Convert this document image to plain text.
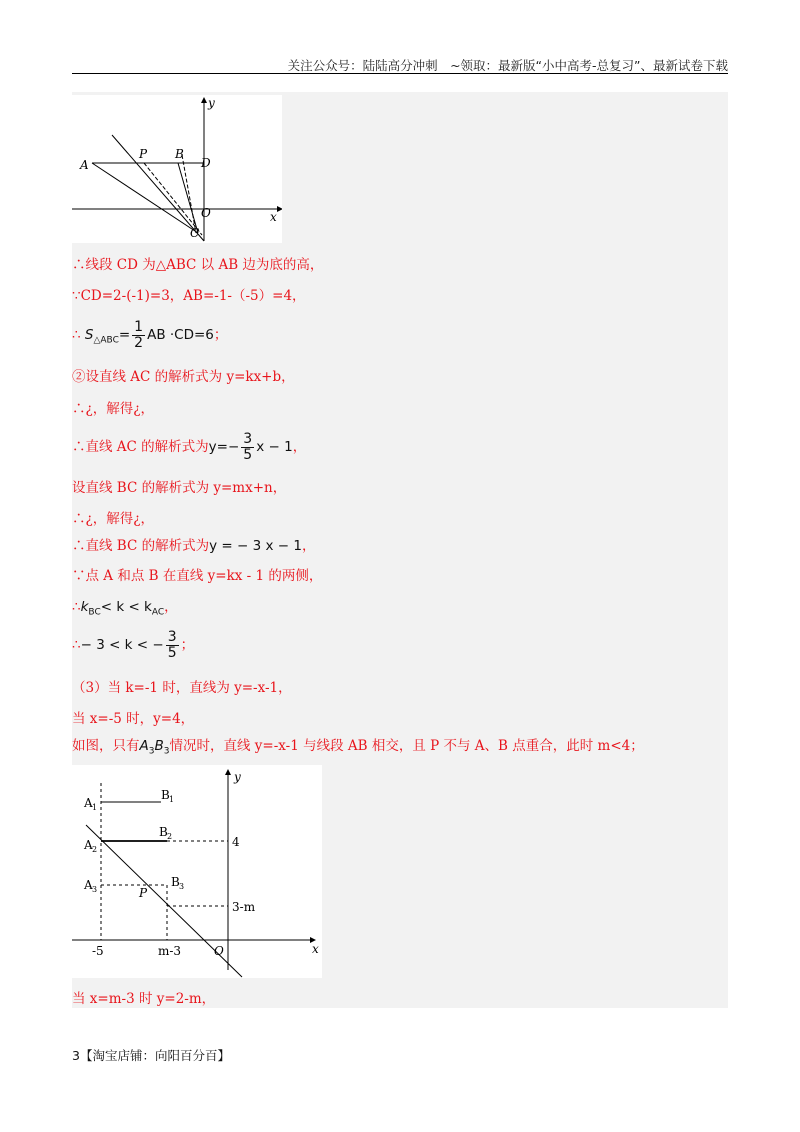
关注公众号：陆陆高分冲刺　~领取：最新版“小中高考-总复习”、最新试卷下载
y
x
A
P B
D
O
C
∴线段 CD 为△ABC 以 AB 边为底的高，
∵CD=2-(-1)=3，AB=-1-（-5）=4，
∴ $S_{\triangle ABC}= \frac{1}{2}$ AB ·CD=6；
②设直线 AC 的解析式为 y=kx+b，
∴¿，解得¿，
∴直线 AC 的解析式为$y=- \frac{3}{5}$ x − 1，
设直线 BC 的解析式为 y=mx+n，
∴¿，解得¿，
∴直线 BC 的解析式为y = − 3 x − 1，
∵点 A 和点 B 在直线 y=kx - 1 的两侧，
$\therefore k_{BC}< k < k_{AC}$，
∴− 3 < k < − $\frac{3}{5}$ ；
（3）当 k=-1 时，直线为 y=-x-1，
当 x=-5 时，y=4，
如图，只有$A_3B_3$情况时，直线 y=-x-1 与线段 AB 相交，且 P 不与 A、B 点重合，此时 m<4；
y
x
O
A 1
B 1
A 2
B 2
A 3
B 3
P
4
3-m
-5	m-3
当 x=m-3 时 y=2-m，
3【淘宝店铺：向阳百分百】
